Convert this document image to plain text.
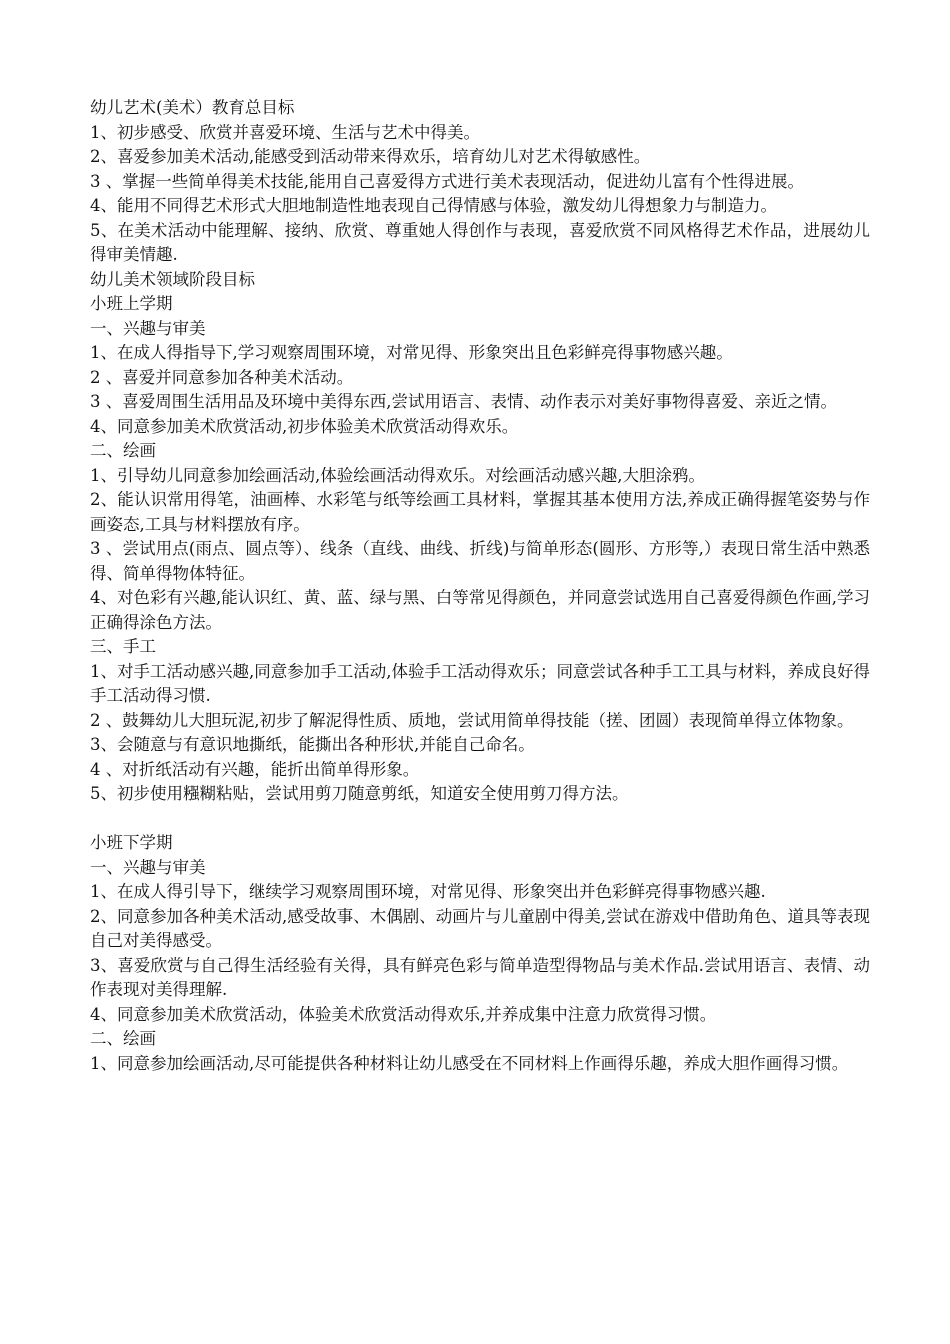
幼儿艺术(美术）教育总目标
1、初步感受、欣赏并喜爱环境、生活与艺术中得美。
2、喜爱参加美术活动,能感受到活动带来得欢乐，培育幼儿对艺术得敏感性。
3 、掌握一些简单得美术技能,能用自己喜爱得方式进行美术表现活动，促进幼儿富有个性得进展。
4、能用不同得艺术形式大胆地制造性地表现自己得情感与体验，激发幼儿得想象力与制造力。
5、在美术活动中能理解、接纳、欣赏、尊重她人得创作与表现，喜爱欣赏不同风格得艺术作品，进展幼儿得审美情趣.
幼儿美术领域阶段目标
小班上学期
一、兴趣与审美
1、在成人得指导下,学习观察周围环境，对常见得、形象突出且色彩鲜亮得事物感兴趣。
2 、喜爱并同意参加各种美术活动。
3 、喜爱周围生活用品及环境中美得东西,尝试用语言、表情、动作表示对美好事物得喜爱、亲近之情。
4、同意参加美术欣赏活动,初步体验美术欣赏活动得欢乐。
二、绘画
1、引导幼儿同意参加绘画活动,体验绘画活动得欢乐。对绘画活动感兴趣,大胆涂鸦。
2、能认识常用得笔，油画棒、水彩笔与纸等绘画工具材料，掌握其基本使用方法,养成正确得握笔姿势与作画姿态,工具与材料摆放有序。
3 、尝试用点(雨点、圆点等）、线条（直线、曲线、折线)与简单形态(圆形、方形等,）表现日常生活中熟悉得、简单得物体特征。
4、对色彩有兴趣,能认识红、黄、蓝、绿与黑、白等常见得颜色，并同意尝试选用自己喜爱得颜色作画,学习正确得涂色方法。
三、手工
1、对手工活动感兴趣,同意参加手工活动,体验手工活动得欢乐；同意尝试各种手工工具与材料，养成良好得手工活动得习惯.
2 、鼓舞幼儿大胆玩泥,初步了解泥得性质、质地，尝试用简单得技能（搓、团圆）表现简单得立体物象。
3、会随意与有意识地撕纸，能撕出各种形状,并能自己命名。
4 、对折纸活动有兴趣，能折出简单得形象。
5、初步使用糨糊粘贴，尝试用剪刀随意剪纸，知道安全使用剪刀得方法。
小班下学期
一、兴趣与审美
1、在成人得引导下，继续学习观察周围环境，对常见得、形象突出并色彩鲜亮得事物感兴趣.
2、同意参加各种美术活动,感受故事、木偶剧、动画片与儿童剧中得美,尝试在游戏中借助角色、道具等表现自己对美得感受。
3、喜爱欣赏与自己得生活经验有关得，具有鲜亮色彩与简单造型得物品与美术作品.尝试用语言、表情、动作表现对美得理解.
4、同意参加美术欣赏活动，体验美术欣赏活动得欢乐,并养成集中注意力欣赏得习惯。
二、绘画
1、同意参加绘画活动,尽可能提供各种材料让幼儿感受在不同材料上作画得乐趣，养成大胆作画得习惯。
